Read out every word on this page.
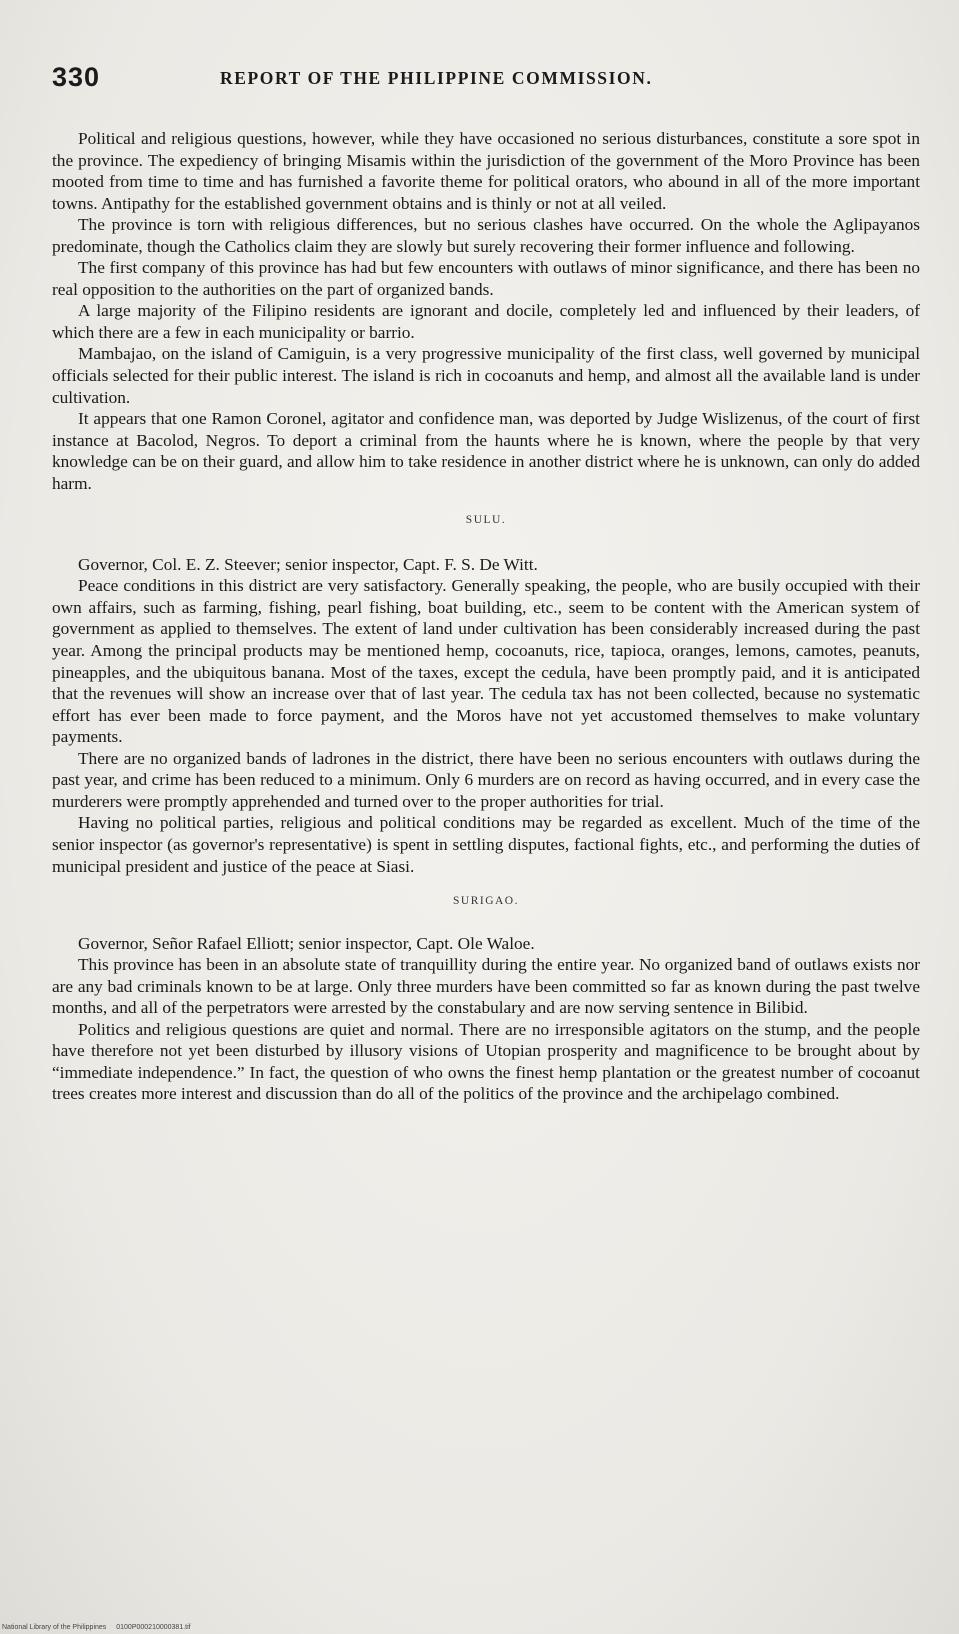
330	REPORT OF THE PHILIPPINE COMMISSION.

Political and religious questions, however, while they have occasioned no serious disturbances, constitute a sore spot in the province. The expediency of bringing Misamis within the jurisdiction of the government of the Moro Province has been mooted from time to time and has furnished a favorite theme for political orators, who abound in all of the more important towns. Antipathy for the established government obtains and is thinly or not at all veiled.

The province is torn with religious differences, but no serious clashes have occurred. On the whole the Aglipayanos predominate, though the Catholics claim they are slowly but surely recovering their former influence and following.

The first company of this province has had but few encounters with outlaws of minor significance, and there has been no real opposition to the authorities on the part of organized bands.

A large majority of the Filipino residents are ignorant and docile, completely led and influenced by their leaders, of which there are a few in each municipality or barrio.

Mambajao, on the island of Camiguin, is a very progressive municipality of the first class, well governed by municipal officials selected for their public interest. The island is rich in cocoanuts and hemp, and almost all the available land is under cultivation.

It appears that one Ramon Coronel, agitator and confidence man, was deported by Judge Wislizenus, of the court of first instance at Bacolod, Negros. To deport a criminal from the haunts where he is known, where the people by that very knowledge can be on their guard, and allow him to take residence in another district where he is unknown, can only do added harm.

SULU.

Governor, Col. E. Z. Steever; senior inspector, Capt. F. S. De Witt.

Peace conditions in this district are very satisfactory. Generally speaking, the people, who are busily occupied with their own affairs, such as farming, fishing, pearl fishing, boat building, etc., seem to be content with the American system of government as applied to themselves. The extent of land under cultivation has been considerably increased during the past year. Among the principal products may be mentioned hemp, cocoanuts, rice, tapioca, oranges, lemons, camotes, peanuts, pineapples, and the ubiquitous banana. Most of the taxes, except the cedula, have been promptly paid, and it is anticipated that the revenues will show an increase over that of last year. The cedula tax has not been collected, because no systematic effort has ever been made to force payment, and the Moros have not yet accustomed themselves to make voluntary payments.

There are no organized bands of ladrones in the district, there have been no serious encounters with outlaws during the past year, and crime has been reduced to a minimum. Only 6 murders are on record as having occurred, and in every case the murderers were promptly apprehended and turned over to the proper authorities for trial.

Having no political parties, religious and political conditions may be regarded as excellent. Much of the time of the senior inspector (as governor's representative) is spent in settling disputes, factional fights, etc., and performing the duties of municipal president and justice of the peace at Siasi.

SURIGAO.

Governor, Señor Rafael Elliott; senior inspector, Capt. Ole Waloe.

This province has been in an absolute state of tranquillity during the entire year. No organized band of outlaws exists nor are any bad criminals known to be at large. Only three murders have been committed so far as known during the past twelve months, and all of the perpetrators were arrested by the constabulary and are now serving sentence in Bilibid.

Politics and religious questions are quiet and normal. There are no irresponsible agitators on the stump, and the people have therefore not yet been disturbed by illusory visions of Utopian prosperity and magnificence to be brought about by “immediate independence.” In fact, the question of who owns the finest hemp plantation or the greatest number of cocoanut trees creates more interest and discussion than do all of the politics of the province and the archipelago combined.

National Library of the Philippines 0100P000210000381.tif
